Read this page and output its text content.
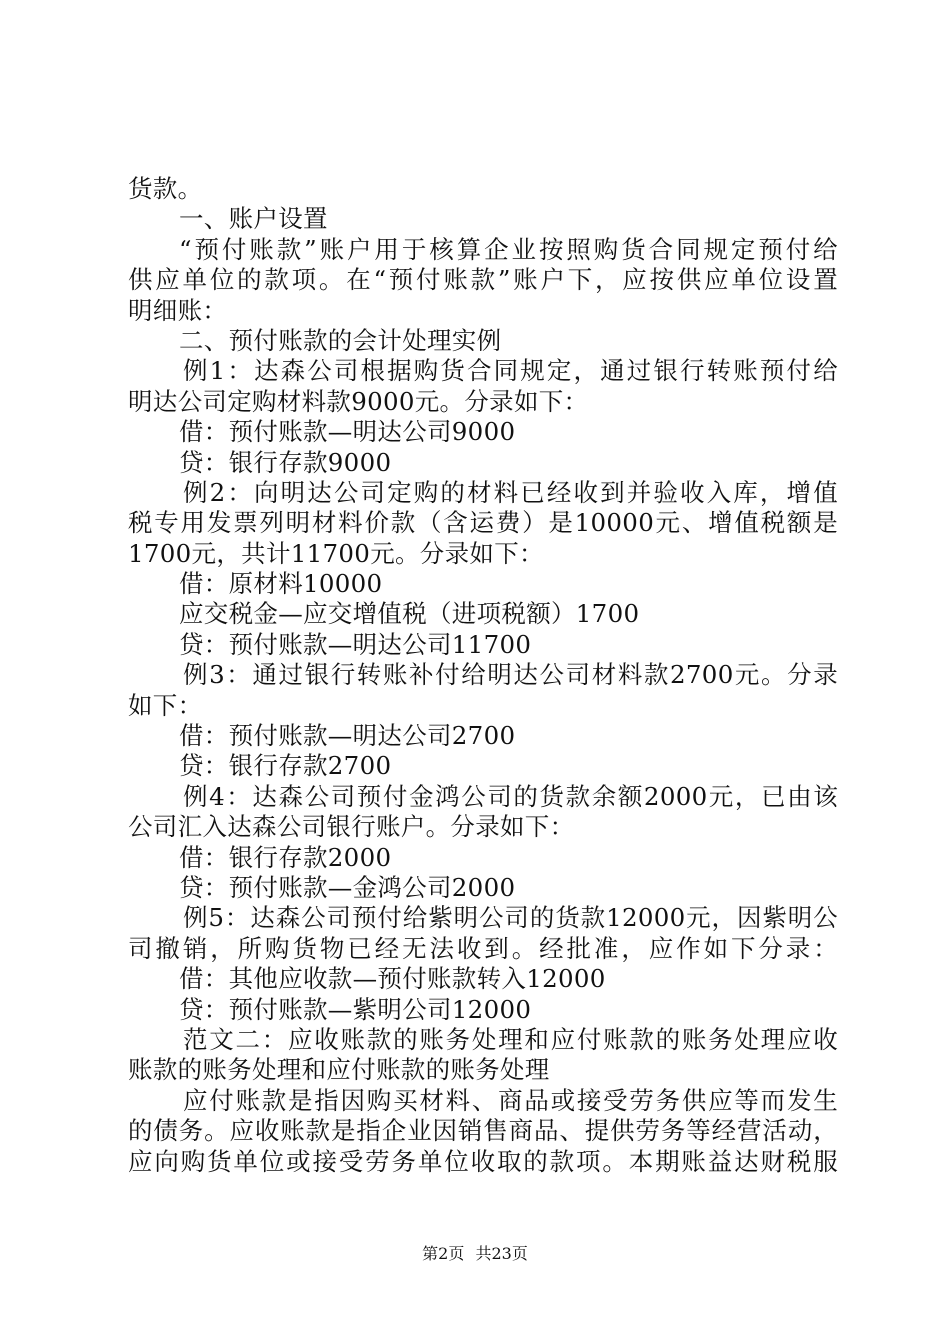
货款。
一、账户设置
“预付账款”账户用于核算企业按照购货合同规定预付给
供应单位的款项。在“预付账款”账户下，应按供应单位设置
明细账：
二、预付账款的会计处理实例
例1：达森公司根据购货合同规定，通过银行转账预付给
明达公司定购材料款9000元。分录如下：
借：预付账款—明达公司9000
贷：银行存款9000
例2：向明达公司定购的材料已经收到并验收入库，增值
税专用发票列明材料价款（含运费）是10000元、增值税额是
1700元，共计11700元。分录如下：
借：原材料10000
应交税金—应交增值税（进项税额）1700
贷：预付账款—明达公司11700
例3：通过银行转账补付给明达公司材料款2700元。分录
如下：
借：预付账款—明达公司2700
贷：银行存款2700
例4：达森公司预付金鸿公司的货款余额2000元，已由该
公司汇入达森公司银行账户。分录如下：
借：银行存款2000
贷：预付账款—金鸿公司2000
例5：达森公司预付给紫明公司的货款12000元，因紫明公
司撤销，所购货物已经无法收到。经批准，应作如下分录：
借：其他应收款—预付账款转入12000
贷：预付账款—紫明公司12000
范文二：应收账款的账务处理和应付账款的账务处理应收
账款的账务处理和应付账款的账务处理
应付账款是指因购买材料、商品或接受劳务供应等而发生
的债务。应收账款是指企业因销售商品、提供劳务等经营活动，
应向购货单位或接受劳务单位收取的款项。本期账益达财税服
第2页 共23页
